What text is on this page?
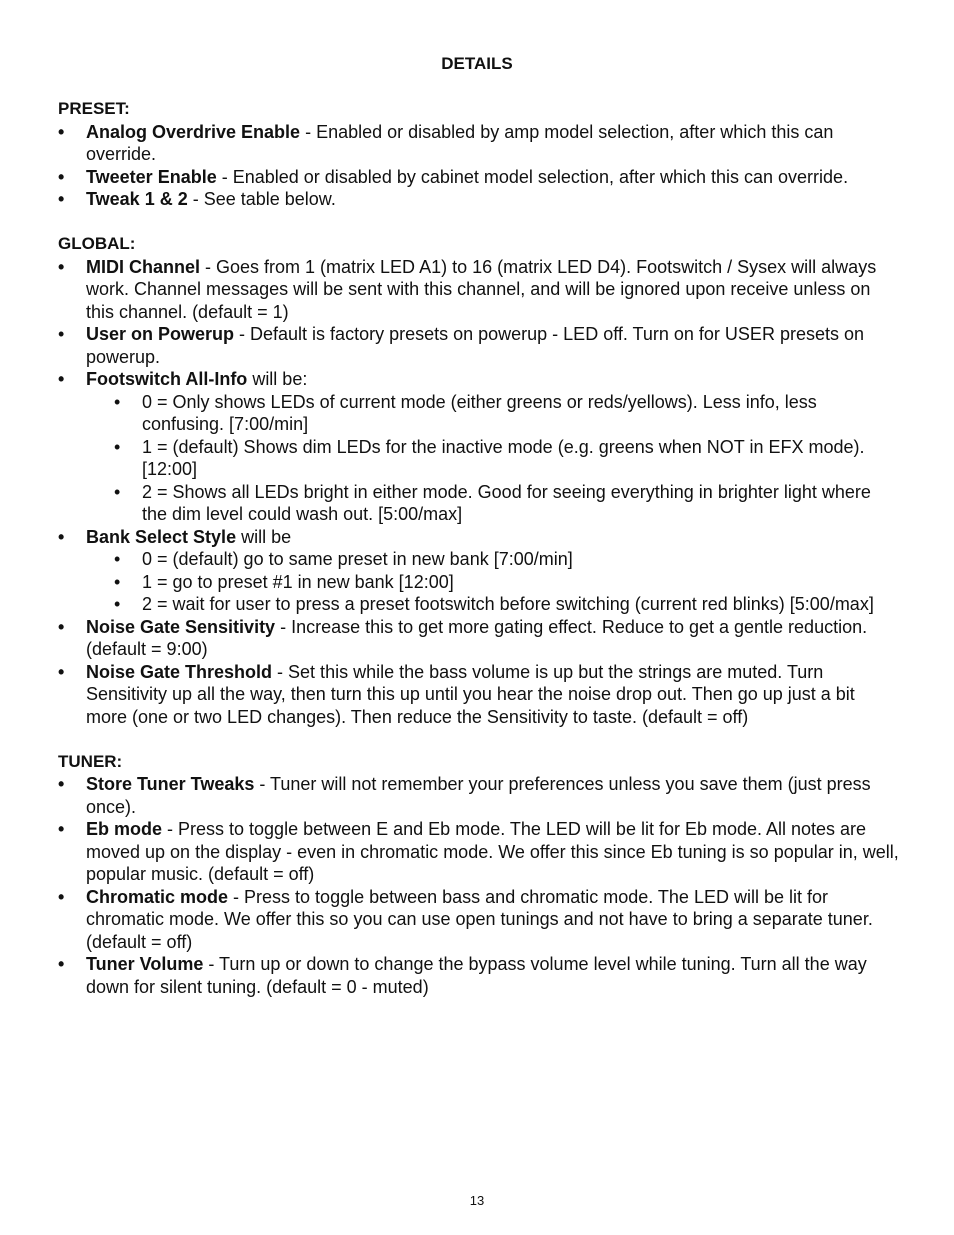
DETAILS
PRESET:
•	Analog Overdrive Enable - Enabled or disabled by amp model selection, after which this can override.
•	Tweeter Enable - Enabled or disabled by cabinet model selection, after which this can override.
•	Tweak 1 & 2 - See table below.
GLOBAL:
•	MIDI Channel - Goes from 1 (matrix LED A1) to 16 (matrix LED D4). Footswitch / Sysex will always work. Channel messages will be sent with this channel, and will be ignored upon receive unless on this channel. (default = 1)
•	User on Powerup - Default is factory presets on powerup - LED off. Turn on for USER presets on powerup.
•	Footswitch All-Info will be:
• 0 = Only shows LEDs of current mode (either greens or reds/yellows). Less info, less confusing. [7:00/min]
• 1 = (default) Shows dim LEDs for the inactive mode (e.g. greens when NOT in EFX mode). [12:00]
• 2 = Shows all LEDs bright in either mode. Good for seeing everything in brighter light where the dim level could wash out. [5:00/max]
•	Bank Select Style will be
• 0 = (default) go to same preset in new bank [7:00/min]
• 1 = go to preset #1 in new bank [12:00]
• 2 = wait for user to press a preset footswitch before switching (current red blinks) [5:00/max]
•	Noise Gate Sensitivity - Increase this to get more gating effect. Reduce to get a gentle reduction. (default = 9:00)
•	Noise Gate Threshold - Set this while the bass volume is up but the strings are muted. Turn Sensitivity up all the way, then turn this up until you hear the noise drop out. Then go up just a bit more (one or two LED changes). Then reduce the Sensitivity to taste. (default = off)
TUNER:
•	Store Tuner Tweaks - Tuner will not remember your preferences unless you save them (just press once).
•	Eb mode - Press to toggle between E and Eb mode. The LED will be lit for Eb mode. All notes are moved up on the display - even in chromatic mode. We offer this since Eb tuning is so popular in, well, popular music. (default = off)
•	Chromatic mode - Press to toggle between bass and chromatic mode. The LED will be lit for chromatic mode. We offer this so you can use open tunings and not have to bring a separate tuner. (default = off)
•	Tuner Volume - Turn up or down to change the bypass volume level while tuning. Turn all the way down for silent tuning. (default = 0 - muted)
13
